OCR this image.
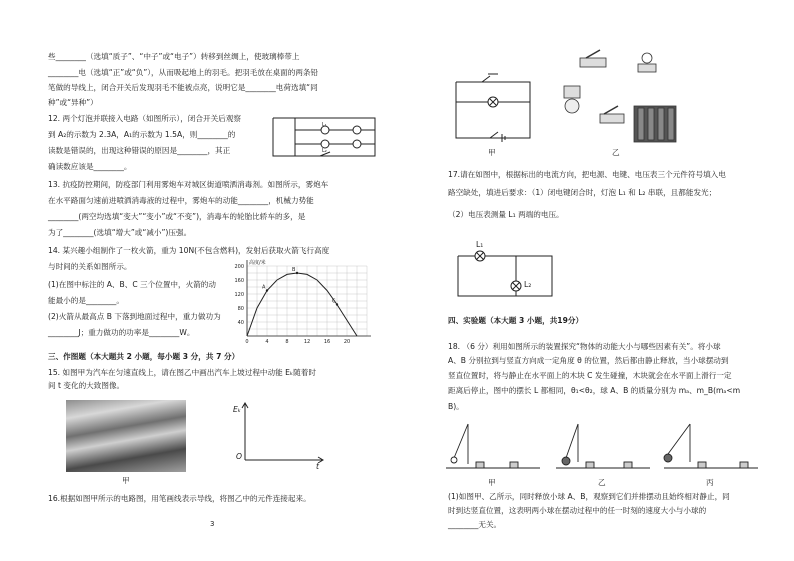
些________（选填“质子”、“中子”或“电子”）转移到丝绸上，使玻璃棒带上
________电（选填“正”或“负”），从而吸起地上的羽毛。把羽毛放在桌面的两条铅
笔做的导线上，闭合开关后发现羽毛不能被点亮，说明它是________电荷选填“同
种”或“异种”）
12. 两个灯泡并联接入电路（如图所示），闭合开关后观察
到 A₂的示数为 2.3A，A₁的示数为 1.5A，则________的
读数是错误的，出现这种错误的原因是________，其正
确读数应该是________。
L₁
L₂
13. 抗疫防控期间，防疫部门利用雾炮车对城区街道喷洒消毒剂。如图所示，雾炮车
在水平路面匀速前进喷洒消毒液的过程中，雾炮车的动能________，机械力势能
________(两空均选填“变大”“变小”或“不变”)，消毒车的轮胎比轿车的多，是
为了________(选填“增大”或“减小”)压强。
14. 某兴趣小组制作了一枚火箭，重为 10N(不包含燃料)，发射后获取火箭飞行高度
与时间的关系如图所示。
(1)在图中标注的 A、B、C 三个位置中，火箭的动
能最小的是________。
(2)火箭从最高点 B 下落到地面过程中，重力做功为
________J；重力做功的功率是________W。
高度/米
200
160
120
80
40
0	4	8	12	16	20
A
B
C
三、作图题（本大题共 2 小题，每小题 3 分，共 7 分）
15. 如图甲为汽车在匀速直线上，请在图乙中画出汽车上坡过程中动能 Eₖ随着时
间 t 变化的大致图像。
甲
Eₖ
O
t
16.根据如图甲所示的电路图，用笔画线表示导线，将图乙中的元件连接起来。
3
甲	乙
17.请在如图中，根据标出的电流方向，把电源、电键、电压表三个元件符号填入电
路空缺处，填进后要求：（1）闭电键闭合时，灯泡 L₁ 和 L₂ 串联，且都能发光；
（2）电压表测量 L₁ 两端的电压。
L₁
L₂
四、实验题（本大题 3 小题，共19分）
18. （6 分）利用如图所示的装置探究“物体的动能大小与哪些因素有关”。将小球
A、B 分别拉到与竖直方向成一定角度 θ 的位置，然后都由静止释放，当小球摆动到
竖直位置时，将与静止在水平面上的木块 C 发生碰撞，木块就会在水平面上滑行一定
距离后停止，图中的摆长 L 都相同，θ₁<θ₂，球 A、B 的质量分别为 mₐ、m_B(mₐ<m
B)。
甲	乙	丙
(1)如图甲、乙所示，同时释放小球 A、B，观察到它们并排摆动且始终相对静止，同
时到达竖直位置，这表明两小球在摆动过程中的任一时刻的速度大小与小球的
________无关。
